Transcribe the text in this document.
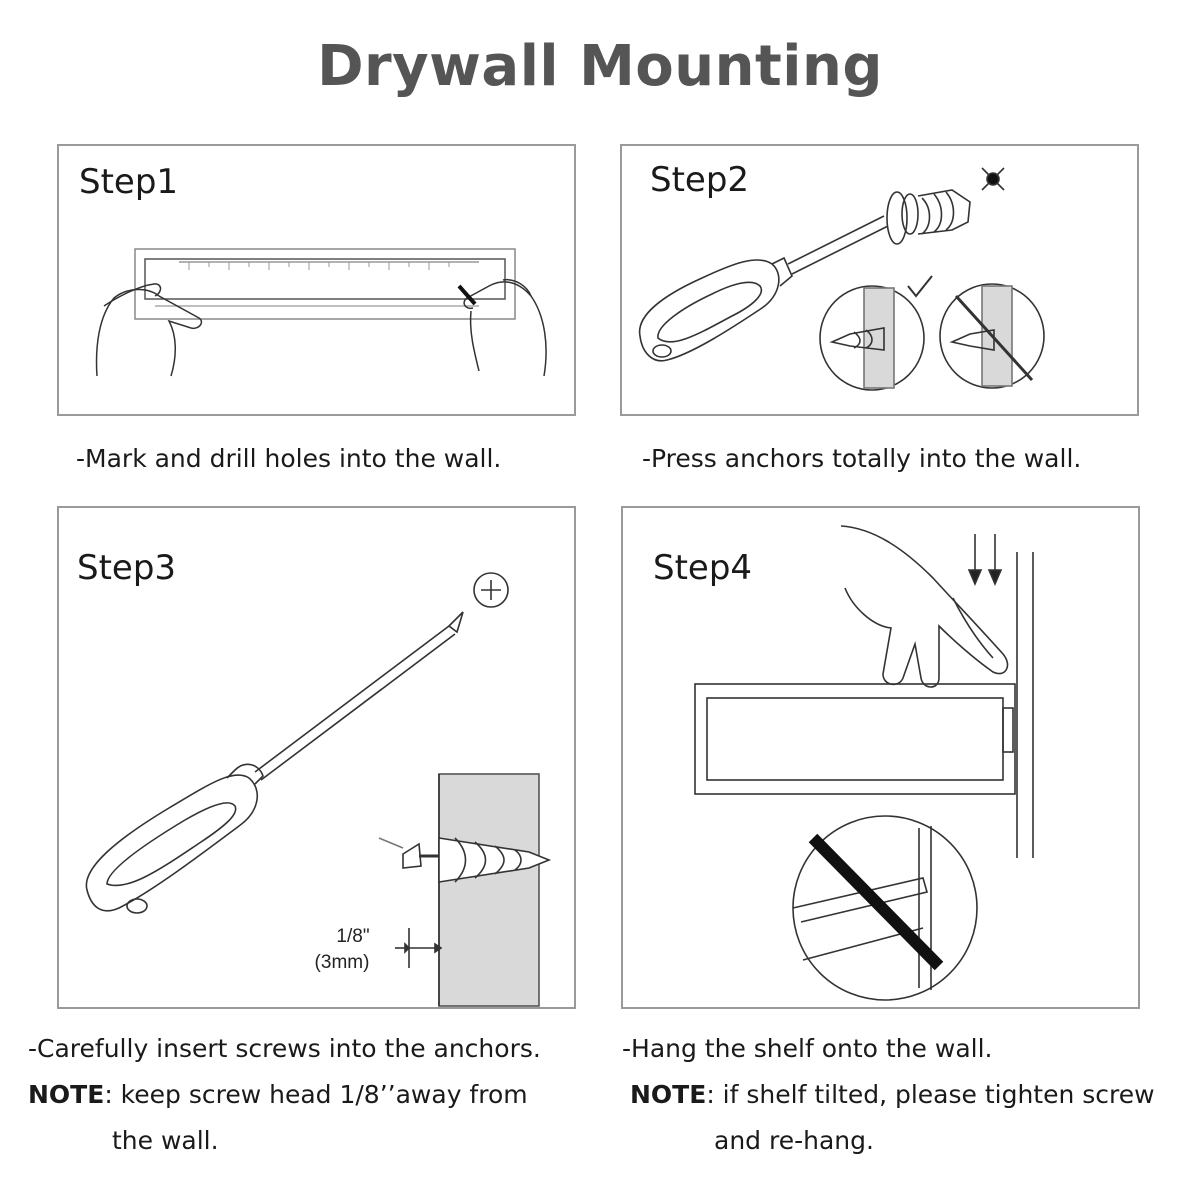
Drywall Mounting
Step1
-Mark and drill holes into the wall.
Step2
-Press anchors totally into the wall.
Step3
1/8"
(3mm)
-Carefully insert screws into the anchors.
NOTE: keep screw head 1/8’’away from
the wall.
Step4
-Hang the shelf onto the wall.
NOTE: if shelf tilted, please tighten screw
and re-hang.
